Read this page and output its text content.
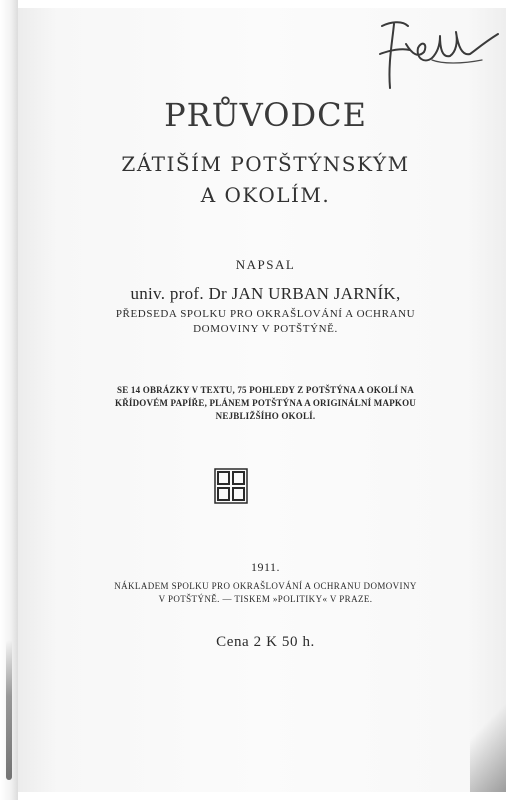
PRŮVODCE
ZÁTIŠÍM POTŠTÝNSKÝM
A OKOLÍM.
NAPSAL
univ. prof. Dr JAN URBAN JARNÍK,
PŘEDSEDA SPOLKU PRO OKRAŠLOVÁNÍ A OCHRANU
DOMOVINY V POTŠTÝNĚ.
SE 14 OBRÁZKY V TEXTU, 75 POHLEDY Z POTŠTÝNA A OKOLÍ NA
KŘÍDOVÉM PAPÍŘE, PLÁNEM POTŠTÝNA A ORIGINÁLNÍ MAPKOU
NEJBLIŽŠÍHO OKOLÍ.
1911.
NÁKLADEM SPOLKU PRO OKRAŠLOVÁNÍ A OCHRANU DOMOVINY
V POTŠTÝNĚ. — TISKEM »POLITIKY« V PRAZE.
Cena 2 K 50 h.
